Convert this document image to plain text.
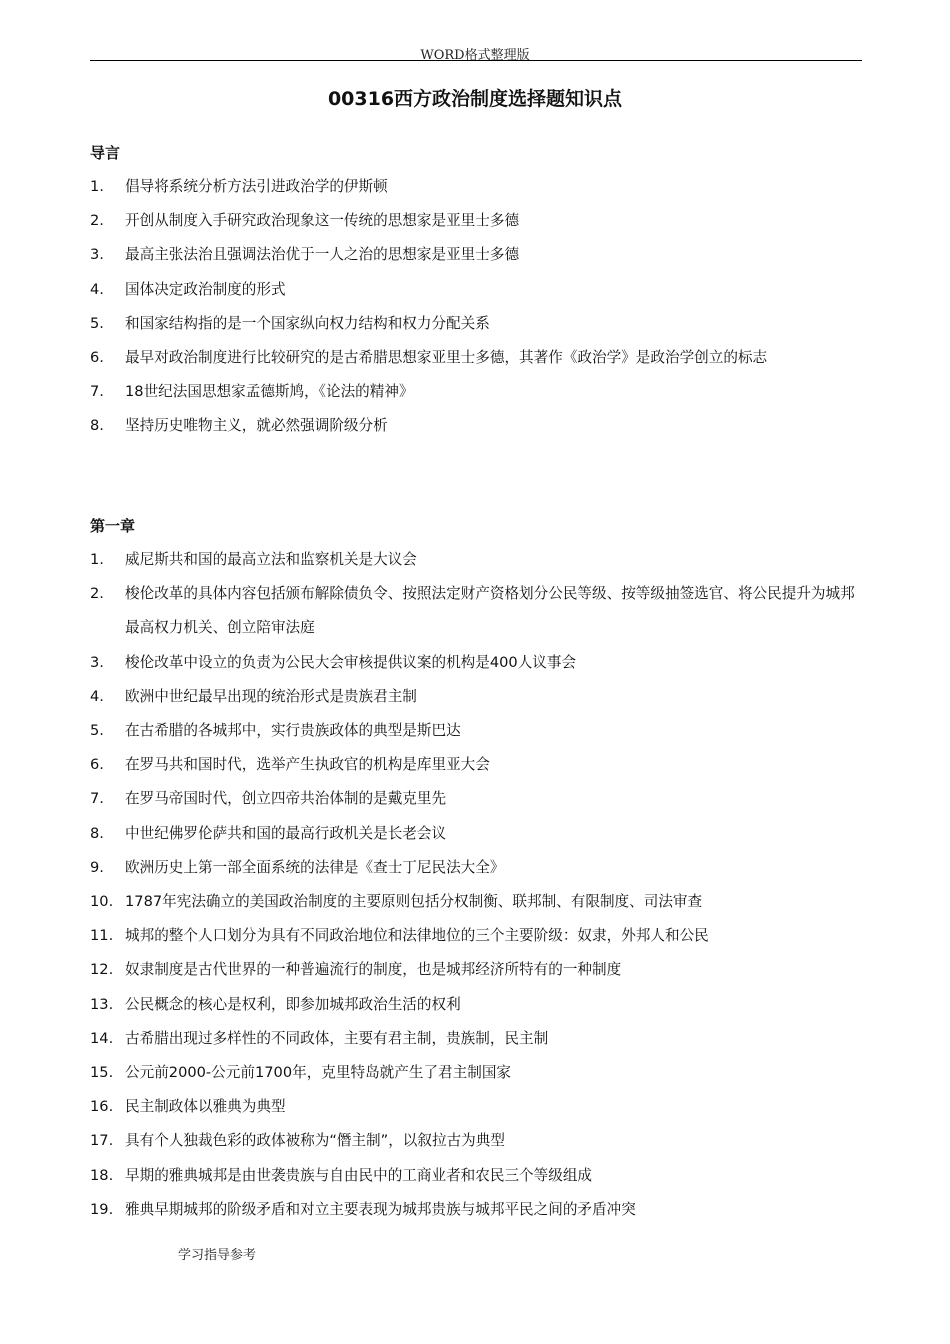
WORD格式整理版
00316西方政治制度选择题知识点
导言
1.	倡导将系统分析方法引进政治学的伊斯顿
2.	开创从制度入手研究政治现象这一传统的思想家是亚里士多德
3.	最高主张法治且强调法治优于一人之治的思想家是亚里士多德
4.	国体决定政治制度的形式
5.	和国家结构指的是一个国家纵向权力结构和权力分配关系
6.	最早对政治制度进行比较研究的是古希腊思想家亚里士多德，其著作《政治学》是政治学创立的标志
7.	18世纪法国思想家孟德斯鸠，《论法的精神》
8.	坚持历史唯物主义，就必然强调阶级分析
第一章
1.	威尼斯共和国的最高立法和监察机关是大议会
2.	梭伦改革的具体内容包括颁布解除债负令、按照法定财产资格划分公民等级、按等级抽签选官、将公民提升为城邦最高权力机关、创立陪审法庭
3.	梭伦改革中设立的负责为公民大会审核提供议案的机构是400人议事会
4.	欧洲中世纪最早出现的统治形式是贵族君主制
5.	在古希腊的各城邦中，实行贵族政体的典型是斯巴达
6.	在罗马共和国时代，选举产生执政官的机构是库里亚大会
7.	在罗马帝国时代，创立四帝共治体制的是戴克里先
8.	中世纪佛罗伦萨共和国的最高行政机关是长老会议
9.	欧洲历史上第一部全面系统的法律是《查士丁尼民法大全》
10. 1787年宪法确立的美国政治制度的主要原则包括分权制衡、联邦制、有限制度、司法审查
11. 城邦的整个人口划分为具有不同政治地位和法律地位的三个主要阶级：奴隶，外邦人和公民
12. 奴隶制度是古代世界的一种普遍流行的制度，也是城邦经济所特有的一种制度
13. 公民概念的核心是权利，即参加城邦政治生活的权利
14. 古希腊出现过多样性的不同政体，主要有君主制，贵族制，民主制
15. 公元前2000-公元前1700年，克里特岛就产生了君主制国家
16. 民主制政体以雅典为典型
17. 具有个人独裁色彩的政体被称为“僭主制”，以叙拉古为典型
18. 早期的雅典城邦是由世袭贵族与自由民中的工商业者和农民三个等级组成
19. 雅典早期城邦的阶级矛盾和对立主要表现为城邦贵族与城邦平民之间的矛盾冲突
学习指导参考
